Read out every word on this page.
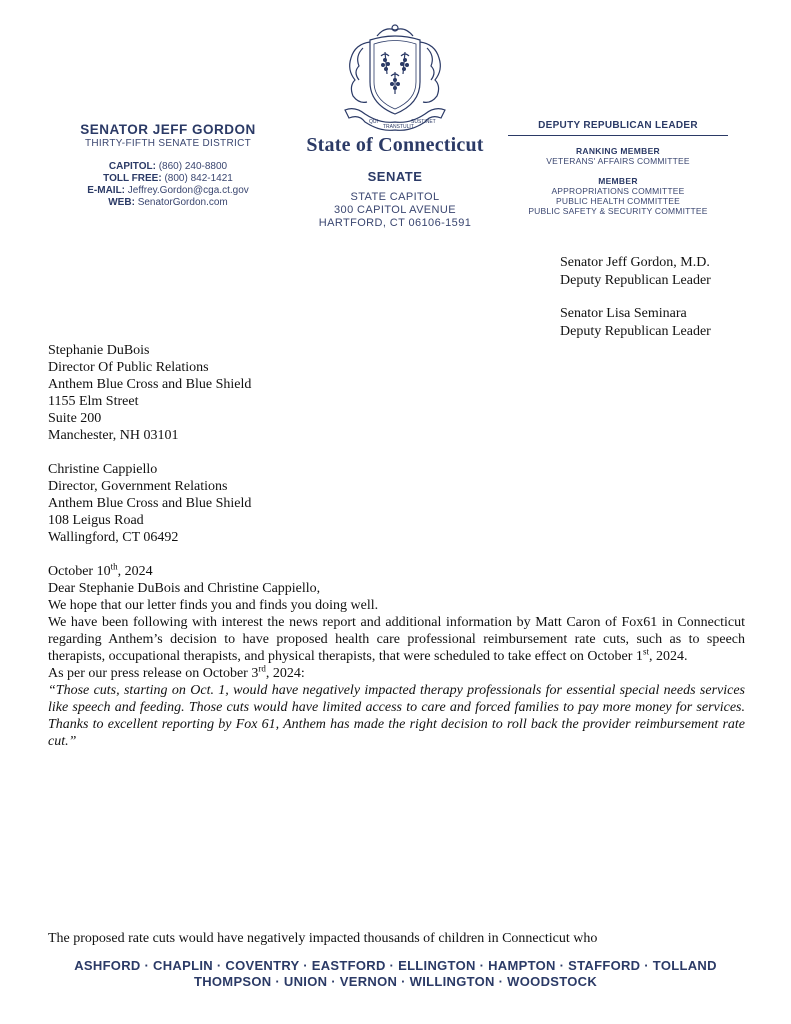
SENATOR JEFF GORDON
THIRTY-FIFTH SENATE DISTRICT
CAPITOL: (860) 240-8800
TOLL FREE: (800) 842-1421
E-MAIL: Jeffrey.Gordon@cga.ct.gov
WEB: SenatorGordon.com
QUI
TRANSTULIT
SUSTINET
State of Connecticut
SENATE
STATE CAPITOL
300 CAPITOL AVENUE
HARTFORD, CT 06106-1591
DEPUTY REPUBLICAN LEADER
RANKING MEMBER
VETERANS' AFFAIRS COMMITTEE
MEMBER
APPROPRIATIONS COMMITTEE
PUBLIC HEALTH COMMITTEE
PUBLIC SAFETY & SECURITY COMMITTEE
Senator Jeff Gordon, M.D.
Deputy Republican Leader
Senator Lisa Seminara
Deputy Republican Leader
Stephanie DuBois
Director Of Public Relations
Anthem Blue Cross and Blue Shield
1155 Elm Street
Suite 200
Manchester, NH 03101
Christine Cappiello
Director, Government Relations
Anthem Blue Cross and Blue Shield
108 Leigus Road
Wallingford, CT 06492

October 10th, 2024

Dear Stephanie DuBois and Christine Cappiello,

We hope that our letter finds you and finds you doing well.

We have been following with interest the news report and additional information by Matt Caron of Fox61 in Connecticut regarding Anthem’s decision to have proposed health care professional reimbursement rate cuts, such as to speech therapists, occupational therapists, and physical therapists, that were scheduled to take effect on October 1st, 2024.

As per our press release on October 3rd, 2024:

“Those cuts, starting on Oct. 1, would have negatively impacted therapy professionals for essential special needs services like speech and feeding. Those cuts would have limited access to care and forced families to pay more money for services. Thanks to excellent reporting by Fox 61, Anthem has made the right decision to roll back the provider reimbursement rate cut.”

The proposed rate cuts would have negatively impacted thousands of children in Connecticut who
ASHFORD · CHAPLIN · COVENTRY · EASTFORD · ELLINGTON · HAMPTON · STAFFORD · TOLLAND
THOMPSON · UNION · VERNON · WILLINGTON · WOODSTOCK
